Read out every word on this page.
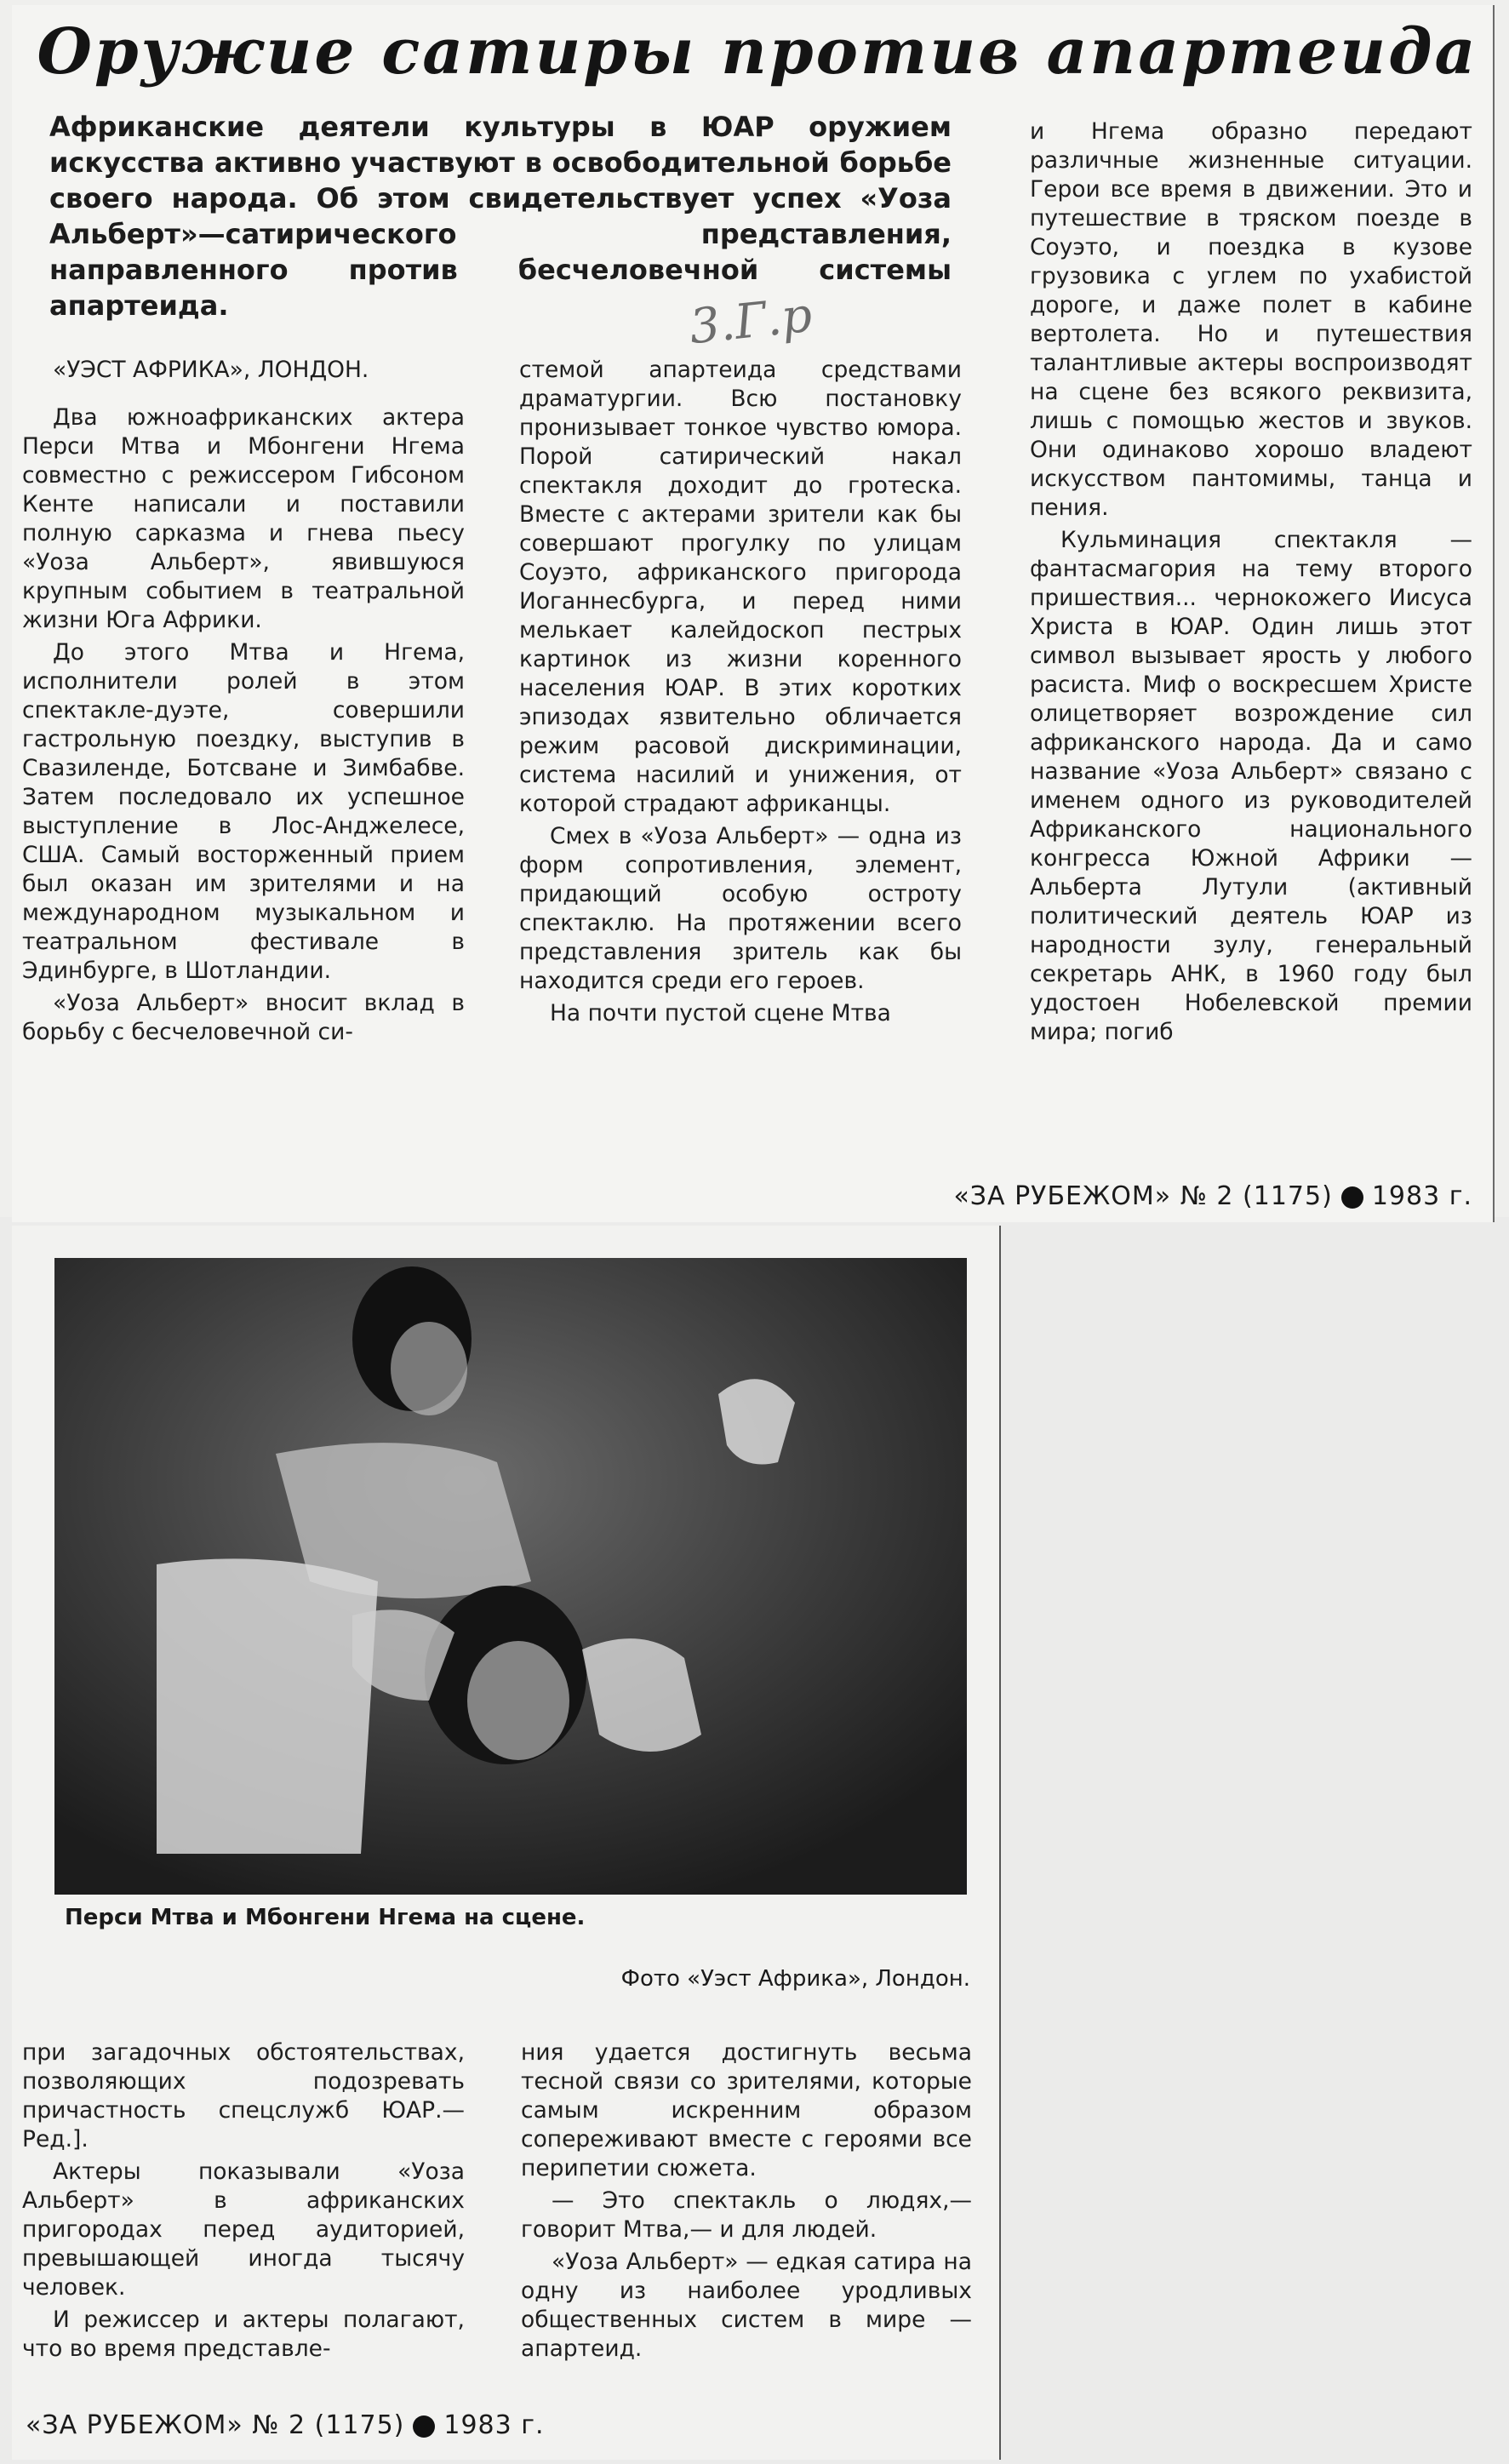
Оружие сатиры против апартеида
Африканские деятели культуры в ЮАР оружием искусства активно участвуют в освободительной борьбе своего народа. Об этом свидетельствует успех «Уоза Альберт»—сатирического представления, направленного против бесчеловечной системы апартеида.	3.Г.р

«УЭСТ АФРИКА», ЛОНДОН.

Два южноафриканских актера Перси Мтва и Мбонгени Нгема совместно с режиссером Гибсоном Кенте написали и поставили полную сарказма и гнева пьесу «Уоза Альберт», явившуюся крупным событием в театральной жизни Юга Африки.

До этого Мтва и Нгема, исполнители ролей в этом спектакле-дуэте, совершили гастрольную поездку, выступив в Свазиленде, Ботсване и Зимбабве. Затем последовало их успешное выступление в Лос-Анджелесе, США. Самый восторженный прием был оказан им зрителями и на международном музыкальном и театральном фестивале в Эдинбурге, в Шотландии.

«Уоза Альберт» вносит вклад в борьбу с бесчеловечной си-

стемой апартеида средствами драматургии. Всю постановку пронизывает тонкое чувство юмора. Порой сатирический накал спектакля доходит до гротеска. Вместе с актерами зрители как бы совершают прогулку по улицам Соуэто, африканского пригорода Иоганнесбурга, и перед ними мелькает калейдоскоп пестрых картинок из жизни коренного населения ЮАР. В этих коротких эпизодах язвительно обличается режим расовой дискриминации, система насилий и унижения, от которой страдают африканцы.

Смех в «Уоза Альберт» — одна из форм сопротивления, элемент, придающий особую остроту спектаклю. На протяжении всего представления зритель как бы находится среди его героев.

На почти пустой сцене Мтва

и Нгема образно передают различные жизненные ситуации. Герои все время в движении. Это и путешествие в тряском поезде в Соуэто, и поездка в кузове грузовика с углем по ухабистой дороге, и даже полет в кабине вертолета. Но и путешествия талантливые актеры воспроизводят на сцене без всякого реквизита, лишь с помощью жестов и звуков. Они одинаково хорошо владеют искусством пантомимы, танца и пения.

Кульминация спектакля — фантасмагория на тему второго пришествия... чернокожего Иисуса Христа в ЮАР. Один лишь этот символ вызывает ярость у любого расиста. Миф о воскресшем Христе олицетворяет возрождение сил африканского народа. Да и само название «Уоза Альберт» связано с именем одного из руководителей Африканского национального конгресса Южной Африки — Альберта Лутули (активный политический деятель ЮАР из народности зулу, генеральный секретарь АНК, в 1960 году был удостоен Нобелевской премии мира; погиб

«ЗА РУБЕЖОМ» № 2 (1175) 1983 г.
Перси Мтва и Мбонгени Нгема на сцене.
Фото «Уэст Африка», Лондон.

при загадочных обстоятельствах, позволяющих подозревать причастность спецслужб ЮАР.— Ред.].

Актеры показывали «Уоза Альберт» в африканских пригородах перед аудиторией, превышающей иногда тысячу человек.

И режиссер и актеры полагают, что во время представле-

ния удается достигнуть весьма тесной связи со зрителями, которые самым искренним образом сопереживают вместе с героями все перипетии сюжета.

— Это спектакль о людях,— говорит Мтва,— и для людей.

«Уоза Альберт» — едкая сатира на одну из наиболее уродливых общественных систем в мире — апартеид.

«ЗА РУБЕЖОМ» № 2 (1175) 1983 г.
